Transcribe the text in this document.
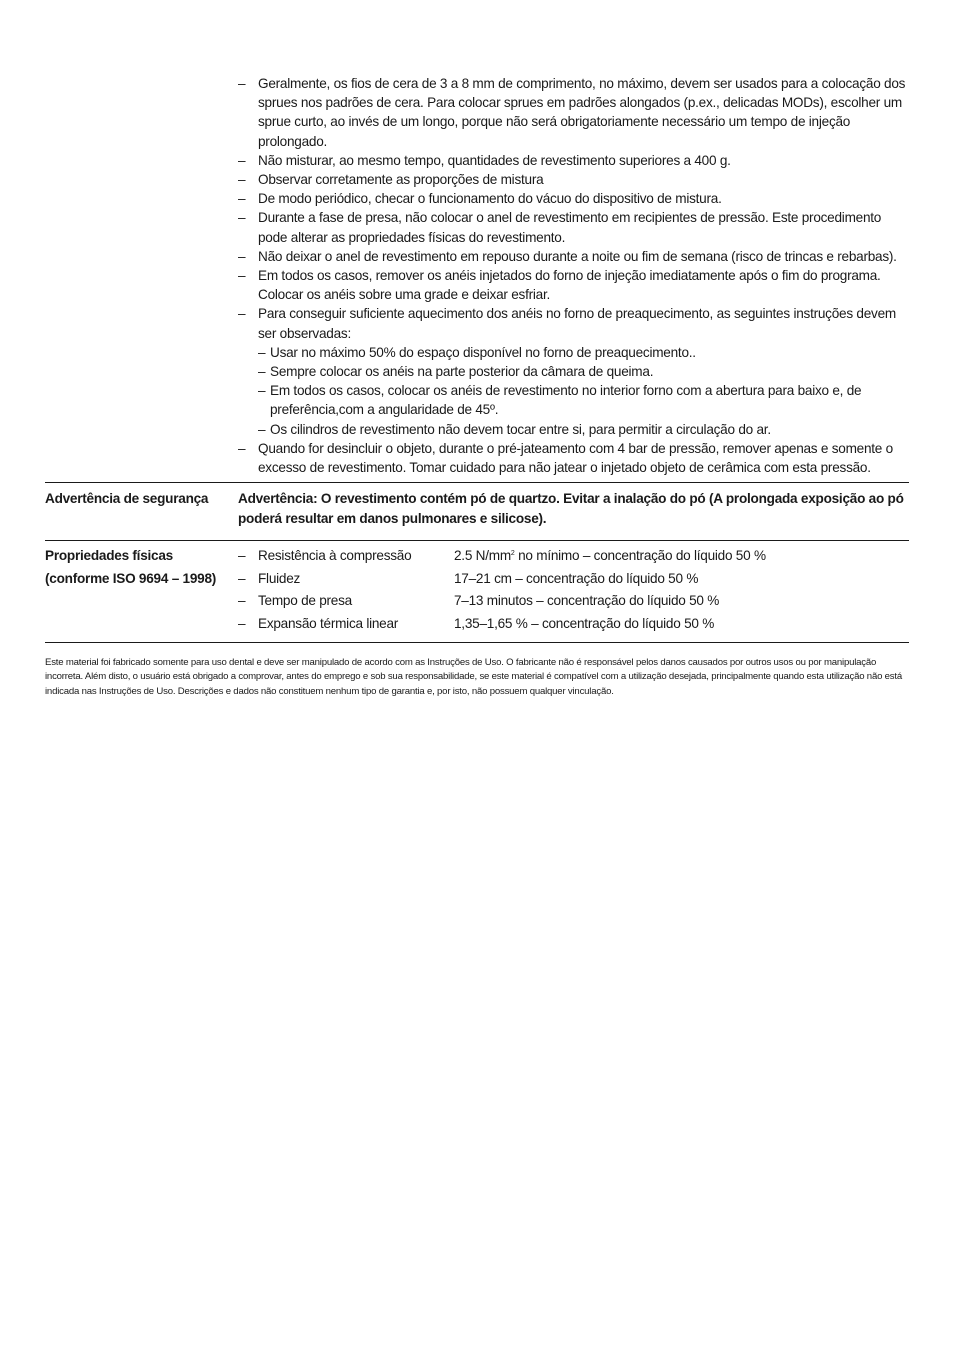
– Geralmente, os fios de cera de 3 a 8 mm de comprimento, no máximo, devem ser usados para a colocação dos sprues nos padrões de cera. Para colocar sprues em padrões alongados (p.ex., delicadas MODs), escolher um sprue curto, ao invés de um longo, porque não será obrigatoriamente necessário um tempo de injeção prolongado.
– Não misturar, ao mesmo tempo, quantidades de revestimento superiores a 400 g.
– Observar corretamente as proporções de mistura
– De modo periódico, checar o funcionamento do vácuo do dispositivo de mistura.
– Durante a fase de presa, não colocar o anel de revestimento em recipientes de pressão. Este procedimento pode alterar as propriedades físicas do revestimento.
– Não deixar o anel de revestimento em repouso durante a noite ou fim de semana (risco de trincas e rebarbas).
– Em todos os casos, remover os anéis injetados do forno de injeção imediatamente após o fim do programa. Colocar os anéis sobre uma grade e deixar esfriar.
– Para conseguir suficiente aquecimento dos anéis no forno de preaquecimento, as seguintes instruções devem ser observadas:
– Usar no máximo 50% do espaço disponível no forno de preaquecimento..
– Sempre colocar os anéis na parte posterior da câmara de queima.
– Em todos os casos, colocar os anéis de revestimento no interior forno com a abertura para baixo e, de preferência,com a angularidade de 45º.
– Os cilindros de revestimento não devem tocar entre si, para permitir a circulação do ar.
– Quando for desincluir o objeto, durante o pré-jateamento com 4 bar de pressão, remover apenas e somente o excesso de revestimento. Tomar cuidado para não jatear o injetado objeto de cerâmica com esta pressão.
Advertência de segurança	Advertência: O revestimento contém pó de quartzo. Evitar a inalação do pó (A prolongada exposição ao pó poderá resultar em danos pulmonares e silicose).
Propriedades físicas
(conforme ISO 9694 – 1998)
– Resistência à compressão	2.5 $N/mm^2$ no mínimo – concentração do líquido 50 %
– Fluidez	17–21 cm – concentração do líquido 50 %
– Tempo de presa	7–13 minutos – concentração do líquido 50 %
– Expansão térmica linear	1,35–1,65 % – concentração do líquido 50 %
Este material foi fabricado somente para uso dental e deve ser manipulado de acordo com as Instruções de Uso. O fabricante não é responsável pelos danos causados por outros usos ou por manipulação incorreta. Além disto, o usuário está obrigado a comprovar, antes do emprego e sob sua responsabilidade, se este material é compatível com a utilização desejada, principalmente quando esta utilização não está indicada nas Instruções de Uso. Descrições e dados não constituem nenhum tipo de garantia e, por isto, não possuem qualquer vinculação.
